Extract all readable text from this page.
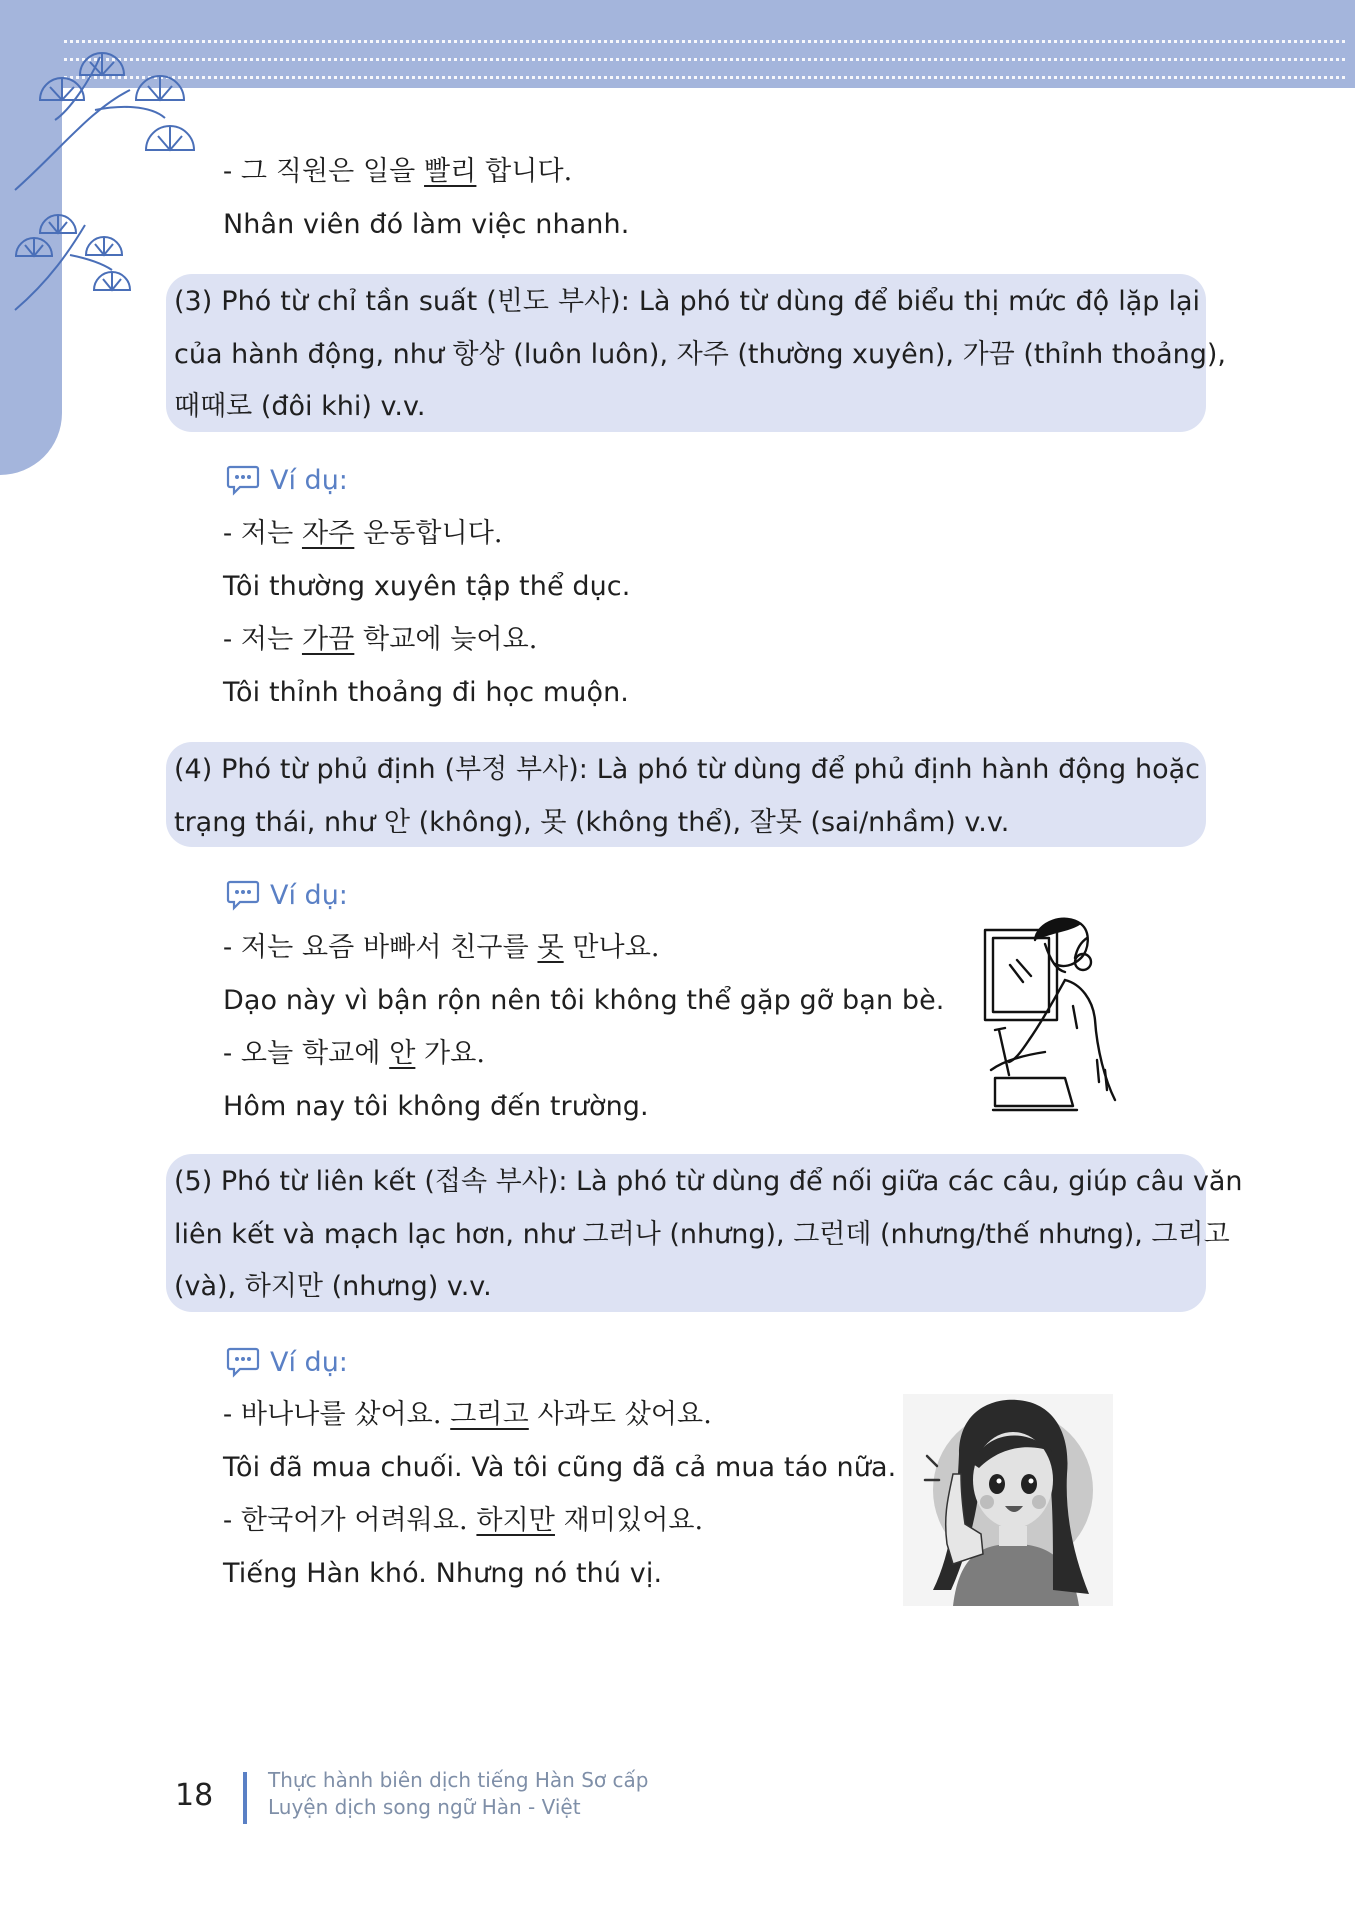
- 그 직원은 일을 빨리 합니다.
Nhân viên đó làm việc nhanh.
(3) Phó từ chỉ tần suất (빈도 부사): Là phó từ dùng để biểu thị mức độ lặp lại
của hành động, như 항상 (luôn luôn), 자주 (thường xuyên), 가끔 (thỉnh thoảng),
때때로 (đôi khi) v.v.
Ví dụ:
- 저는 자주 운동합니다.
Tôi thường xuyên tập thể dục.
- 저는 가끔 학교에 늦어요.
Tôi thỉnh thoảng đi học muộn.
(4) Phó từ phủ định (부정 부사): Là phó từ dùng để phủ định hành động hoặc
trạng thái, như 안 (không), 못 (không thể), 잘못 (sai/nhầm) v.v.
Ví dụ:
- 저는 요즘 바빠서 친구를 못 만나요.
Dạo này vì bận rộn nên tôi không thể gặp gỡ bạn bè.
- 오늘 학교에 안 가요.
Hôm nay tôi không đến trường.
(5) Phó từ liên kết (접속 부사): Là phó từ dùng để nối giữa các câu, giúp câu văn
liên kết và mạch lạc hơn, như 그러나 (nhưng), 그런데 (nhưng/thế nhưng), 그리고
(và), 하지만 (nhưng) v.v.
Ví dụ:
- 바나나를 샀어요. 그리고 사과도 샀어요.
Tôi đã mua chuối. Và tôi cũng đã cả mua táo nữa.
- 한국어가 어려워요. 하지만 재미있어요.
Tiếng Hàn khó. Nhưng nó thú vị.
18	Thực hành biên dịch tiếng Hàn Sơ cấp
Luyện dịch song ngữ Hàn - Việt
